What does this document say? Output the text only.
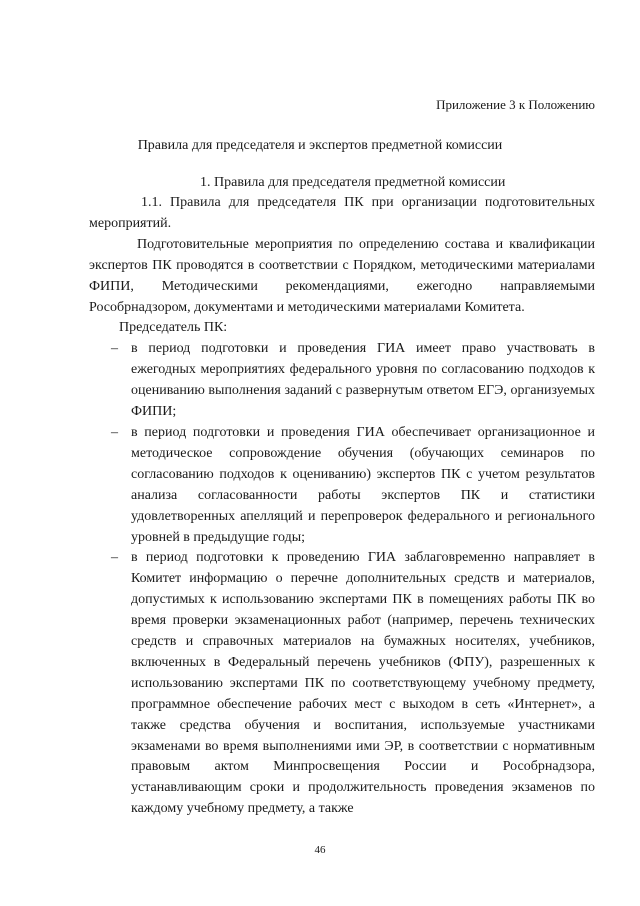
Приложение 3 к Положению
Правила для председателя и экспертов предметной комиссии
1. Правила для председателя предметной комиссии

1.1. Правила для председателя ПК при организации подготовительных мероприятий.

Подготовительные мероприятия по определению состава и квалификации экспертов ПК проводятся в соответствии с Порядком, методическими материалами ФИПИ, Методическими рекомендациями, ежегодно направляемыми Рособрнадзором, документами и методическими материалами Комитета.

Председатель ПК:

– в период подготовки и проведения ГИА имеет право участвовать в ежегодных мероприятиях федерального уровня по согласованию подходов к оцениванию выполнения заданий с развернутым ответом ЕГЭ, организуемых ФИПИ;
– в период подготовки и проведения ГИА обеспечивает организационное и методическое сопровождение обучения (обучающих семинаров по согласованию подходов к оцениванию) экспертов ПК с учетом результатов анализа согласованности работы экспертов ПК и статистики удовлетворенных апелляций и перепроверок федерального и регионального уровней в предыдущие годы;
– в период подготовки к проведению ГИА заблаговременно направляет в Комитет информацию о перечне дополнительных средств и материалов, допустимых к использованию экспертами ПК в помещениях работы ПК во время проверки экзаменационных работ (например, перечень технических средств и справочных материалов на бумажных носителях, учебников, включенных в Федеральный перечень учебников (ФПУ), разрешенных к использованию экспертами ПК по соответствующему учебному предмету, программное обеспечение рабочих мест с выходом в сеть «Интернет», а также средства обучения и воспитания, используемые участниками экзаменами во время выполнениями ими ЭР, в соответствии с нормативным правовым актом Минпросвещения России и Рособрнадзора, устанавливающим сроки и продолжительность проведения экзаменов по каждому учебному предмету, а также
46
